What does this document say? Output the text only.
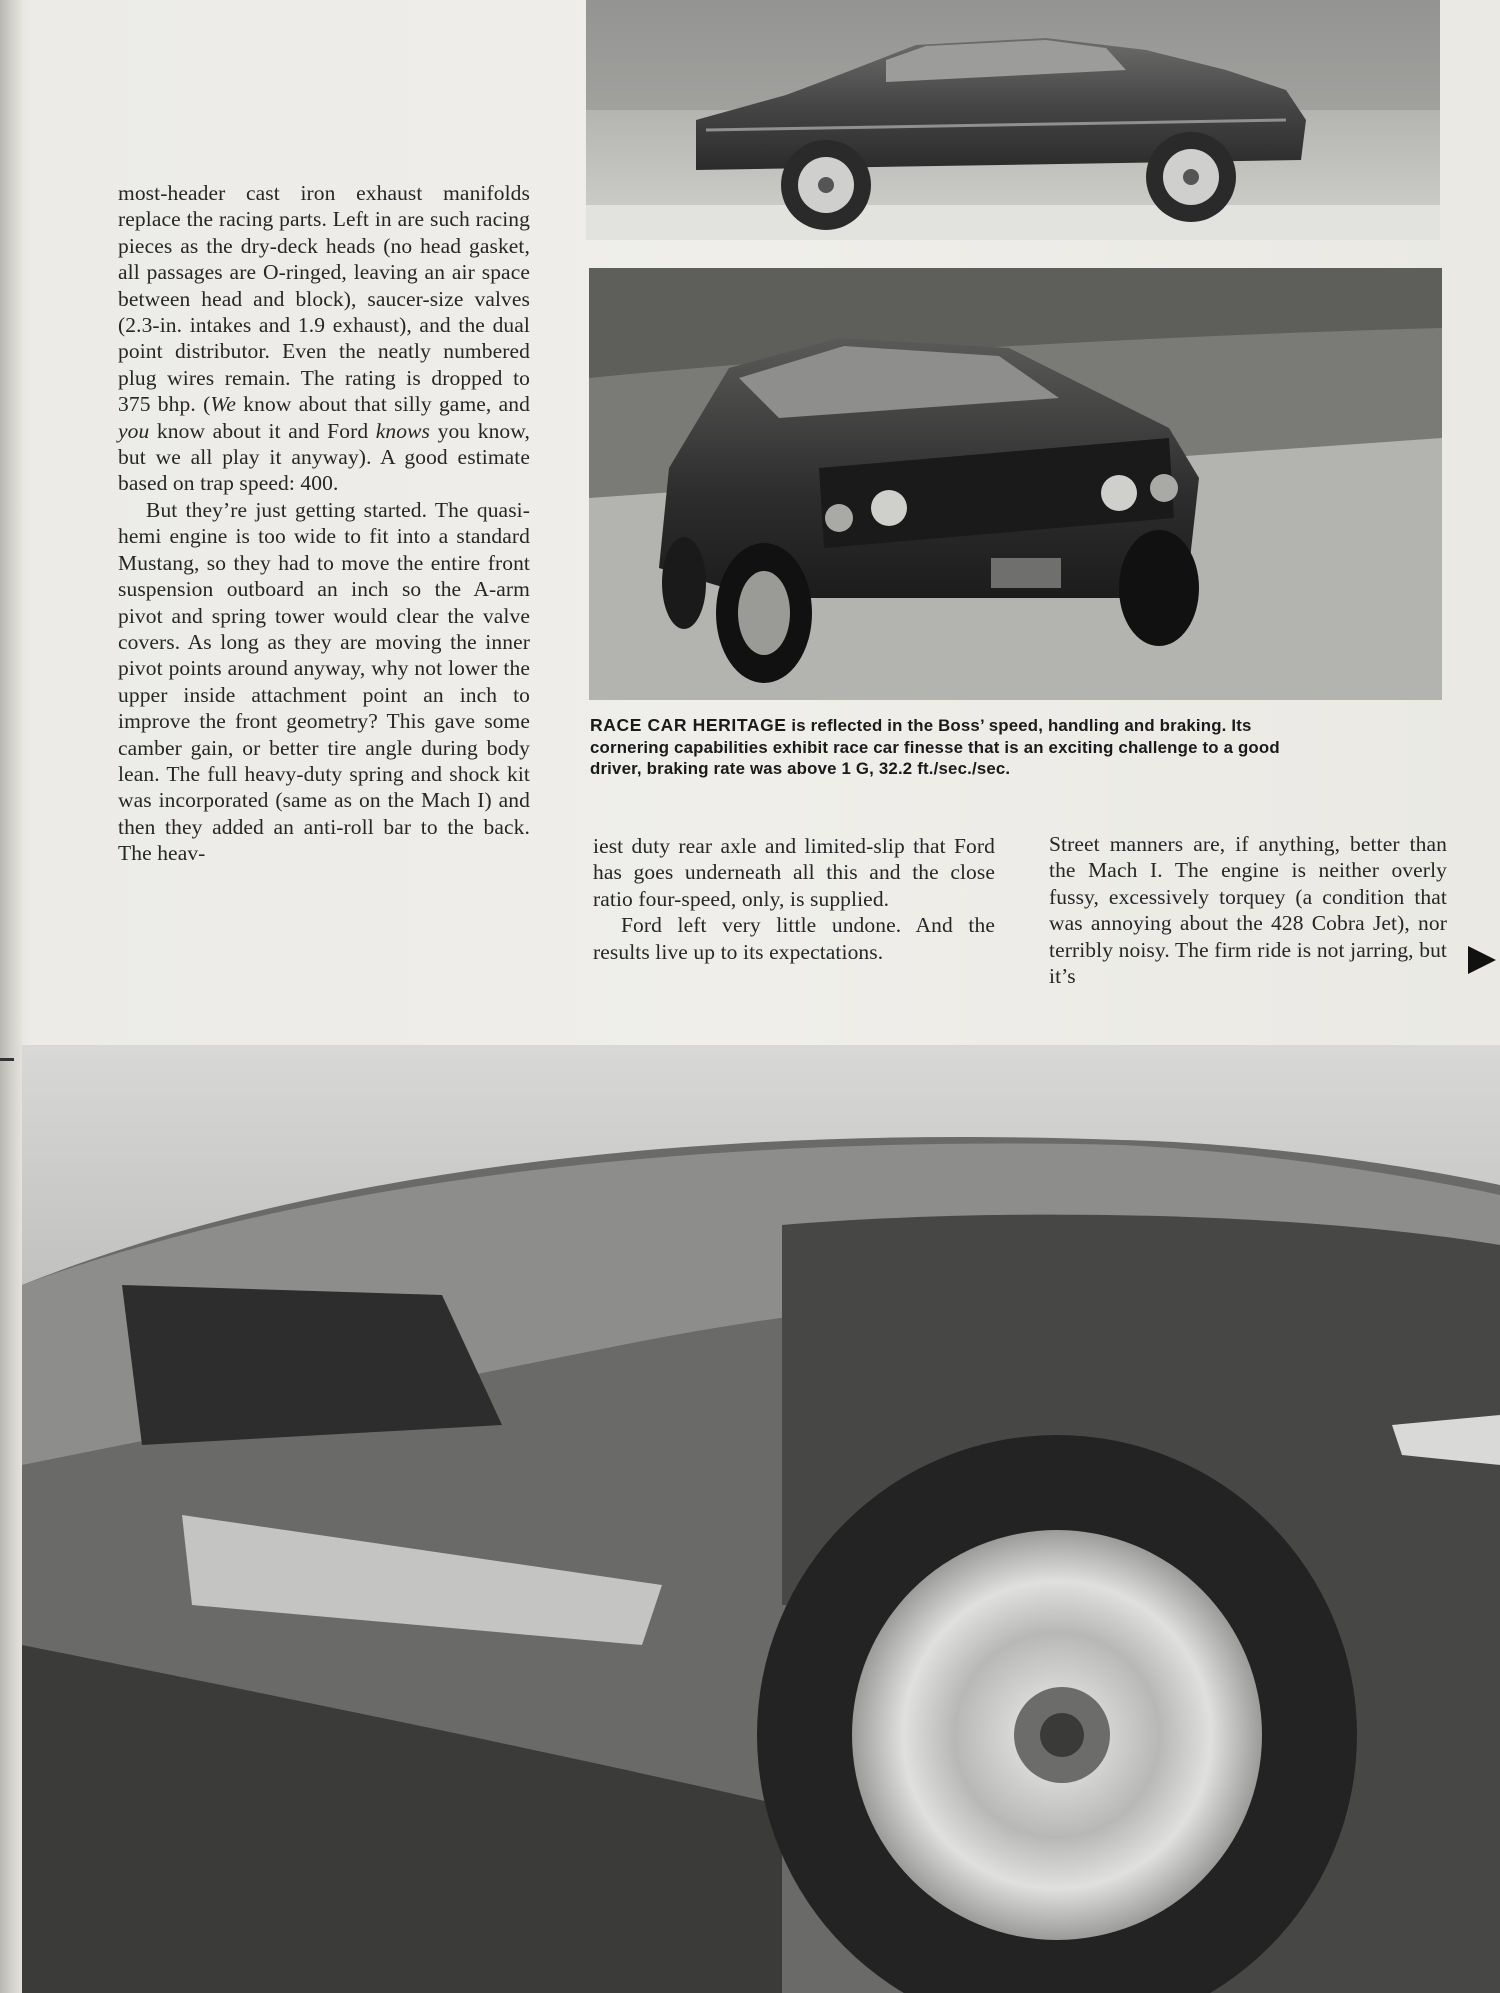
RACE CAR HERITAGE is reflected in the Boss’ speed, handling and braking. Its cornering capabilities exhibit race car finesse that is an exciting challenge to a good driver, braking rate was above 1 G, 32.2 ft./sec./sec.

most-header cast iron exhaust manifolds replace the racing parts. Left in are such racing pieces as the dry-deck heads (no head gasket, all passages are O-ringed, leaving an air space between head and block), saucer-size valves (2.3-in. intakes and 1.9 exhaust), and the dual point distributor. Even the neatly numbered plug wires remain. The rating is dropped to 375 bhp. (We know about that silly game, and you know about it and Ford knows you know, but we all play it anyway). A good estimate based on trap speed: 400.

But they’re just getting started. The quasi-hemi engine is too wide to fit into a standard Mustang, so they had to move the entire front suspension outboard an inch so the A-arm pivot and spring tower would clear the valve covers. As long as they are moving the inner pivot points around anyway, why not lower the upper inside attachment point an inch to improve the front geometry? This gave some camber gain, or better tire angle during body lean. The full heavy-duty spring and shock kit was incorporated (same as on the Mach I) and then they added an anti-roll bar to the back. The heav-	iest duty rear axle and limited-slip that Ford has goes underneath all this and the close ratio four-speed, only, is supplied.

Ford left very little undone. And the results live up to its expectations.

Street manners are, if anything, better than the Mach I. The engine is neither overly fussy, excessively torquey (a condition that was annoying about the 428 Cobra Jet), nor terribly noisy. The firm ride is not jarring, but it’s
